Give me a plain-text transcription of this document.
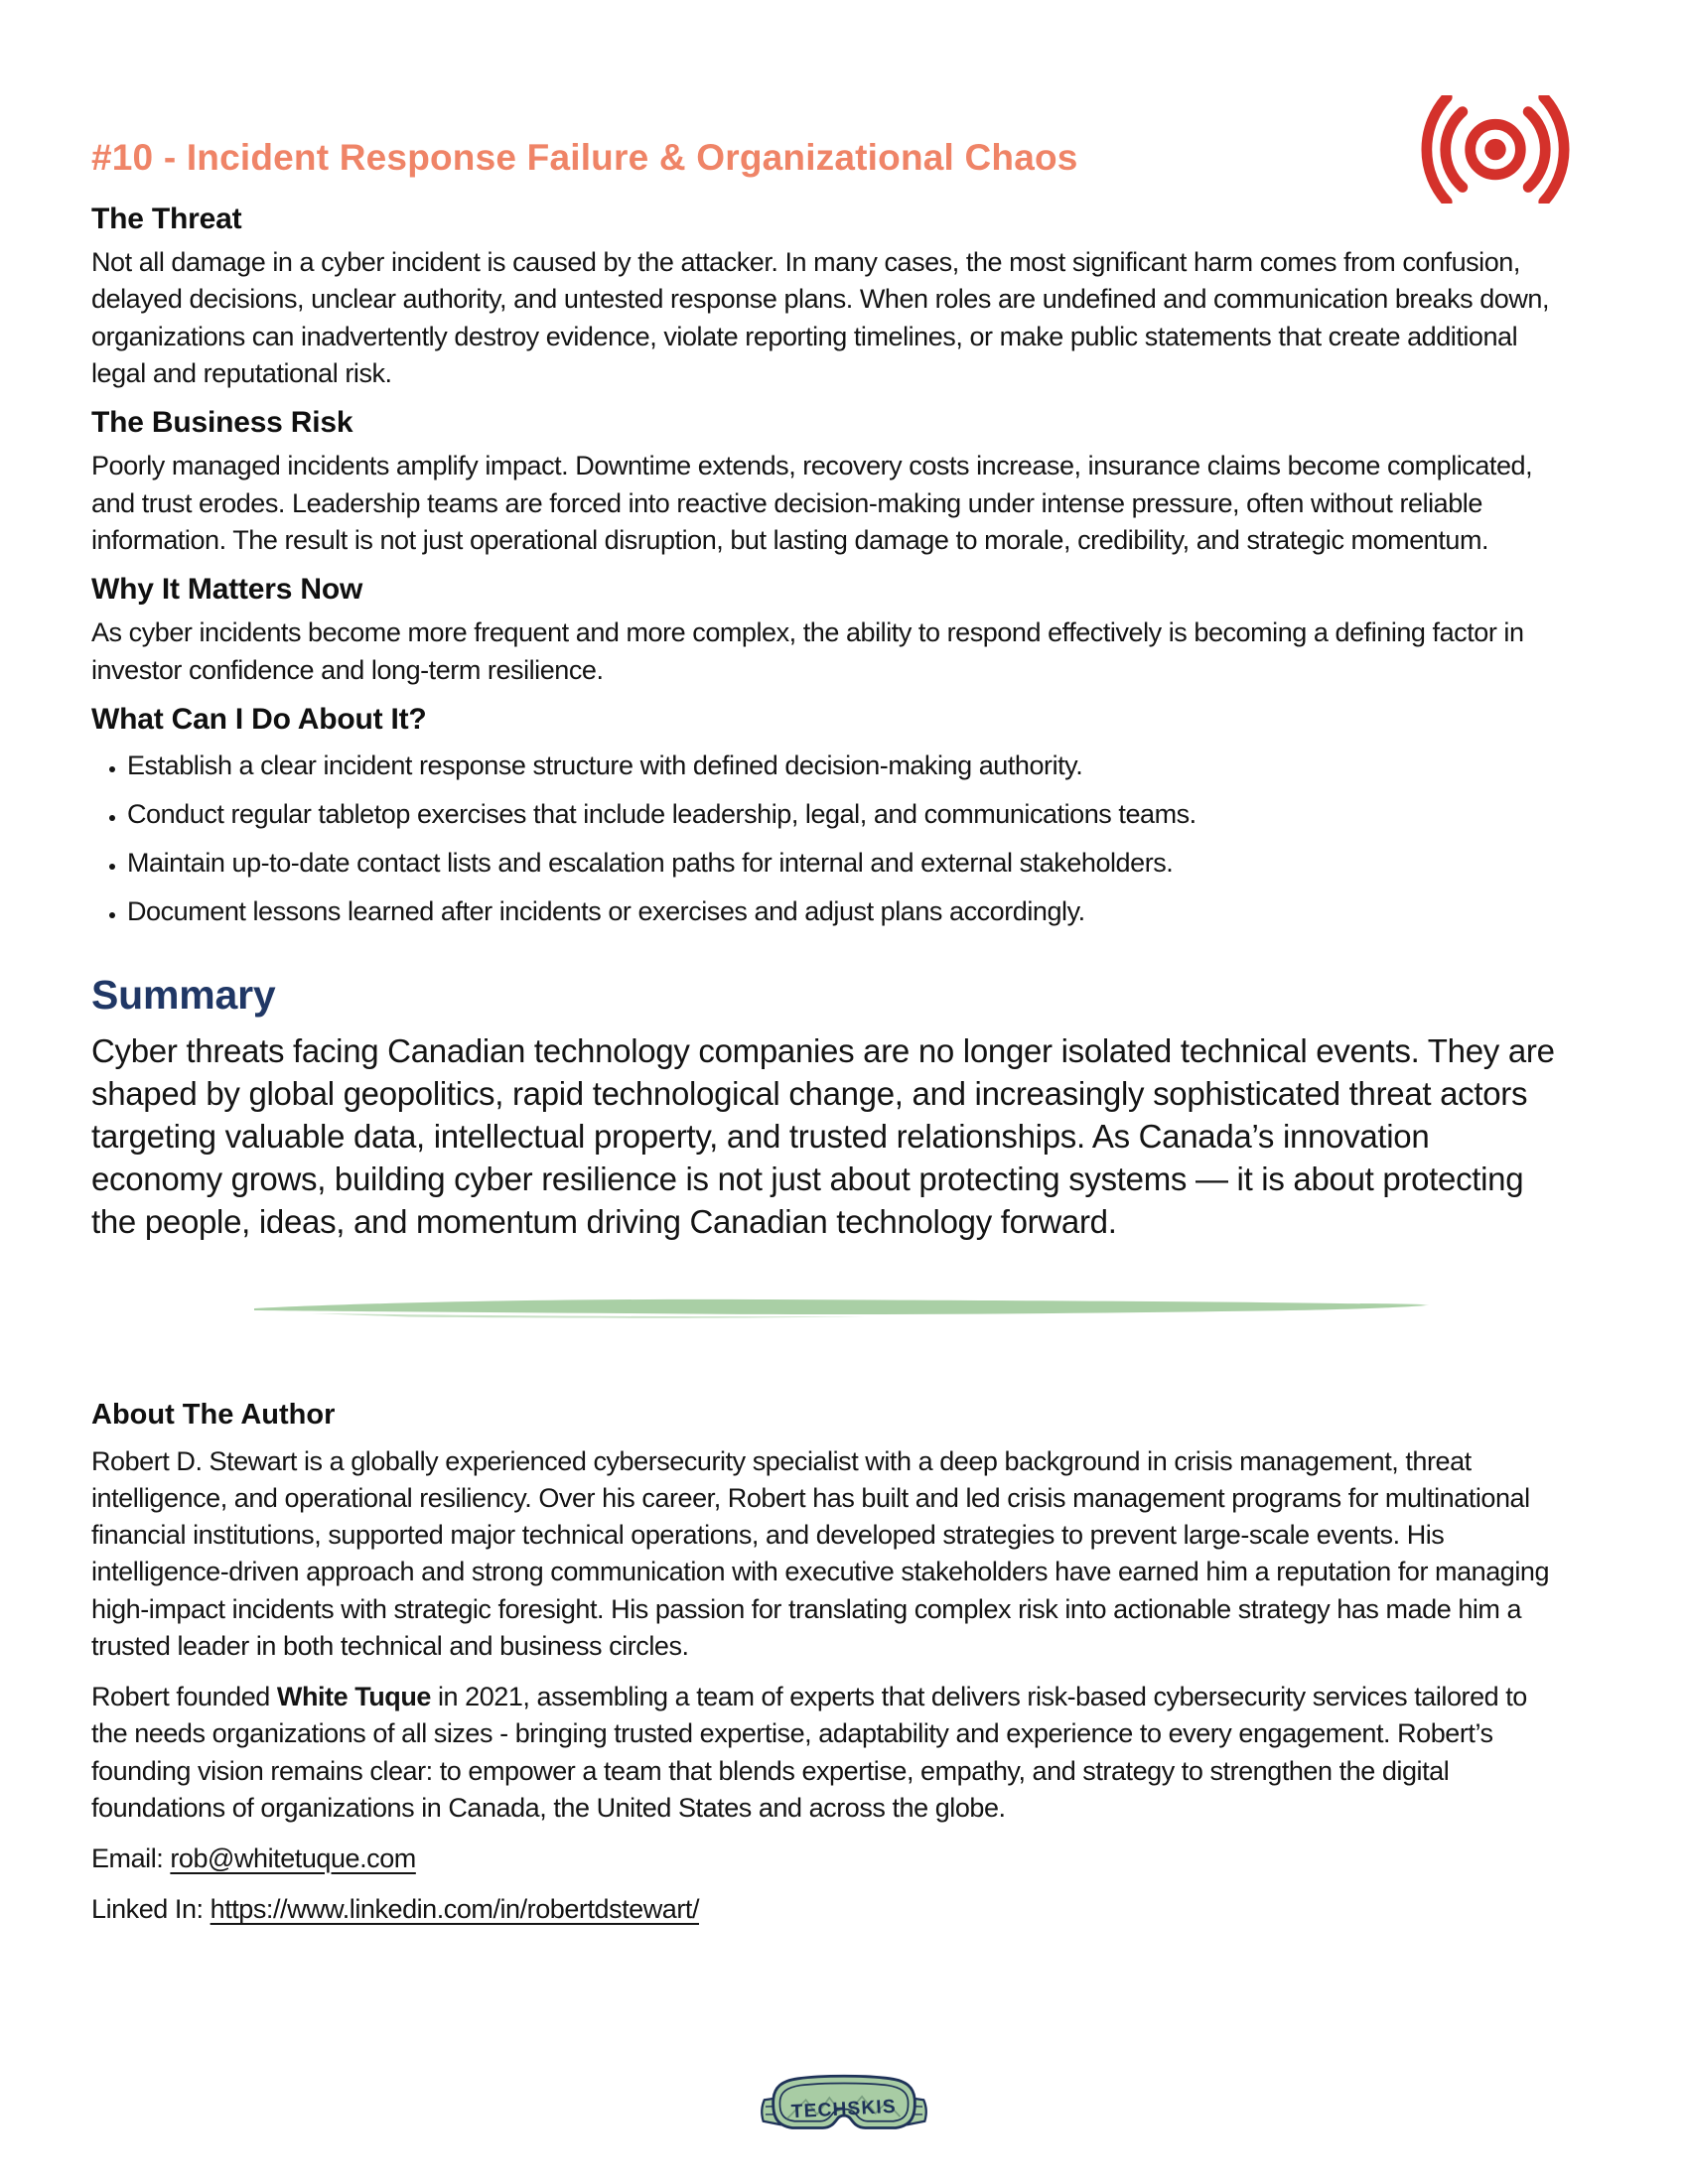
#10 - Incident Response Failure & Organizational Chaos
The Threat

Not all damage in a cyber incident is caused by the attacker. In many cases, the most significant harm comes from confusion, delayed decisions, unclear authority, and untested response plans. When roles are undefined and communication breaks down, organizations can inadvertently destroy evidence, violate reporting timelines, or make public statements that create additional legal and reputational risk.

The Business Risk

Poorly managed incidents amplify impact. Downtime extends, recovery costs increase, insurance claims become complicated, and trust erodes. Leadership teams are forced into reactive decision-making under intense pressure, often without reliable information. The result is not just operational disruption, but lasting damage to morale, credibility, and strategic momentum.

Why It Matters Now

As cyber incidents become more frequent and more complex, the ability to respond effectively is becoming a defining factor in investor confidence and long-term resilience.

What Can I Do About It?
• Establish a clear incident response structure with defined decision-making authority.
• Conduct regular tabletop exercises that include leadership, legal, and communications teams.
• Maintain up-to-date contact lists and escalation paths for internal and external stakeholders.
• Document lessons learned after incidents or exercises and adjust plans accordingly.
Summary

Cyber threats facing Canadian technology companies are no longer isolated technical events. They are shaped by global geopolitics, rapid technological change, and increasingly sophisticated threat actors targeting valuable data, intellectual property, and trusted relationships. As Canada’s innovation economy grows, building cyber resilience is not just about protecting systems — it is about protecting the people, ideas, and momentum driving Canadian technology forward.

About The Author

Robert D. Stewart is a globally experienced cybersecurity specialist with a deep background in crisis management, threat intelligence, and operational resiliency. Over his career, Robert has built and led crisis management programs for multinational financial institutions, supported major technical operations, and developed strategies to prevent large-scale events. His intelligence-driven approach and strong communication with executive stakeholders have earned him a reputation for managing high-impact incidents with strategic foresight. His passion for translating complex risk into actionable strategy has made him a trusted leader in both technical and business circles.

Robert founded White Tuque in 2021, assembling a team of experts that delivers risk-based cybersecurity services tailored to the needs organizations of all sizes - bringing trusted expertise, adaptability and experience to every engagement. Robert’s founding vision remains clear: to empower a team that blends expertise, empathy, and strategy to strengthen the digital foundations of organizations in Canada, the United States and across the globe.

Email: rob@whitetuque.com

Linked In: https://www.linkedin.com/in/robertdstewart/

TECHSKIS
